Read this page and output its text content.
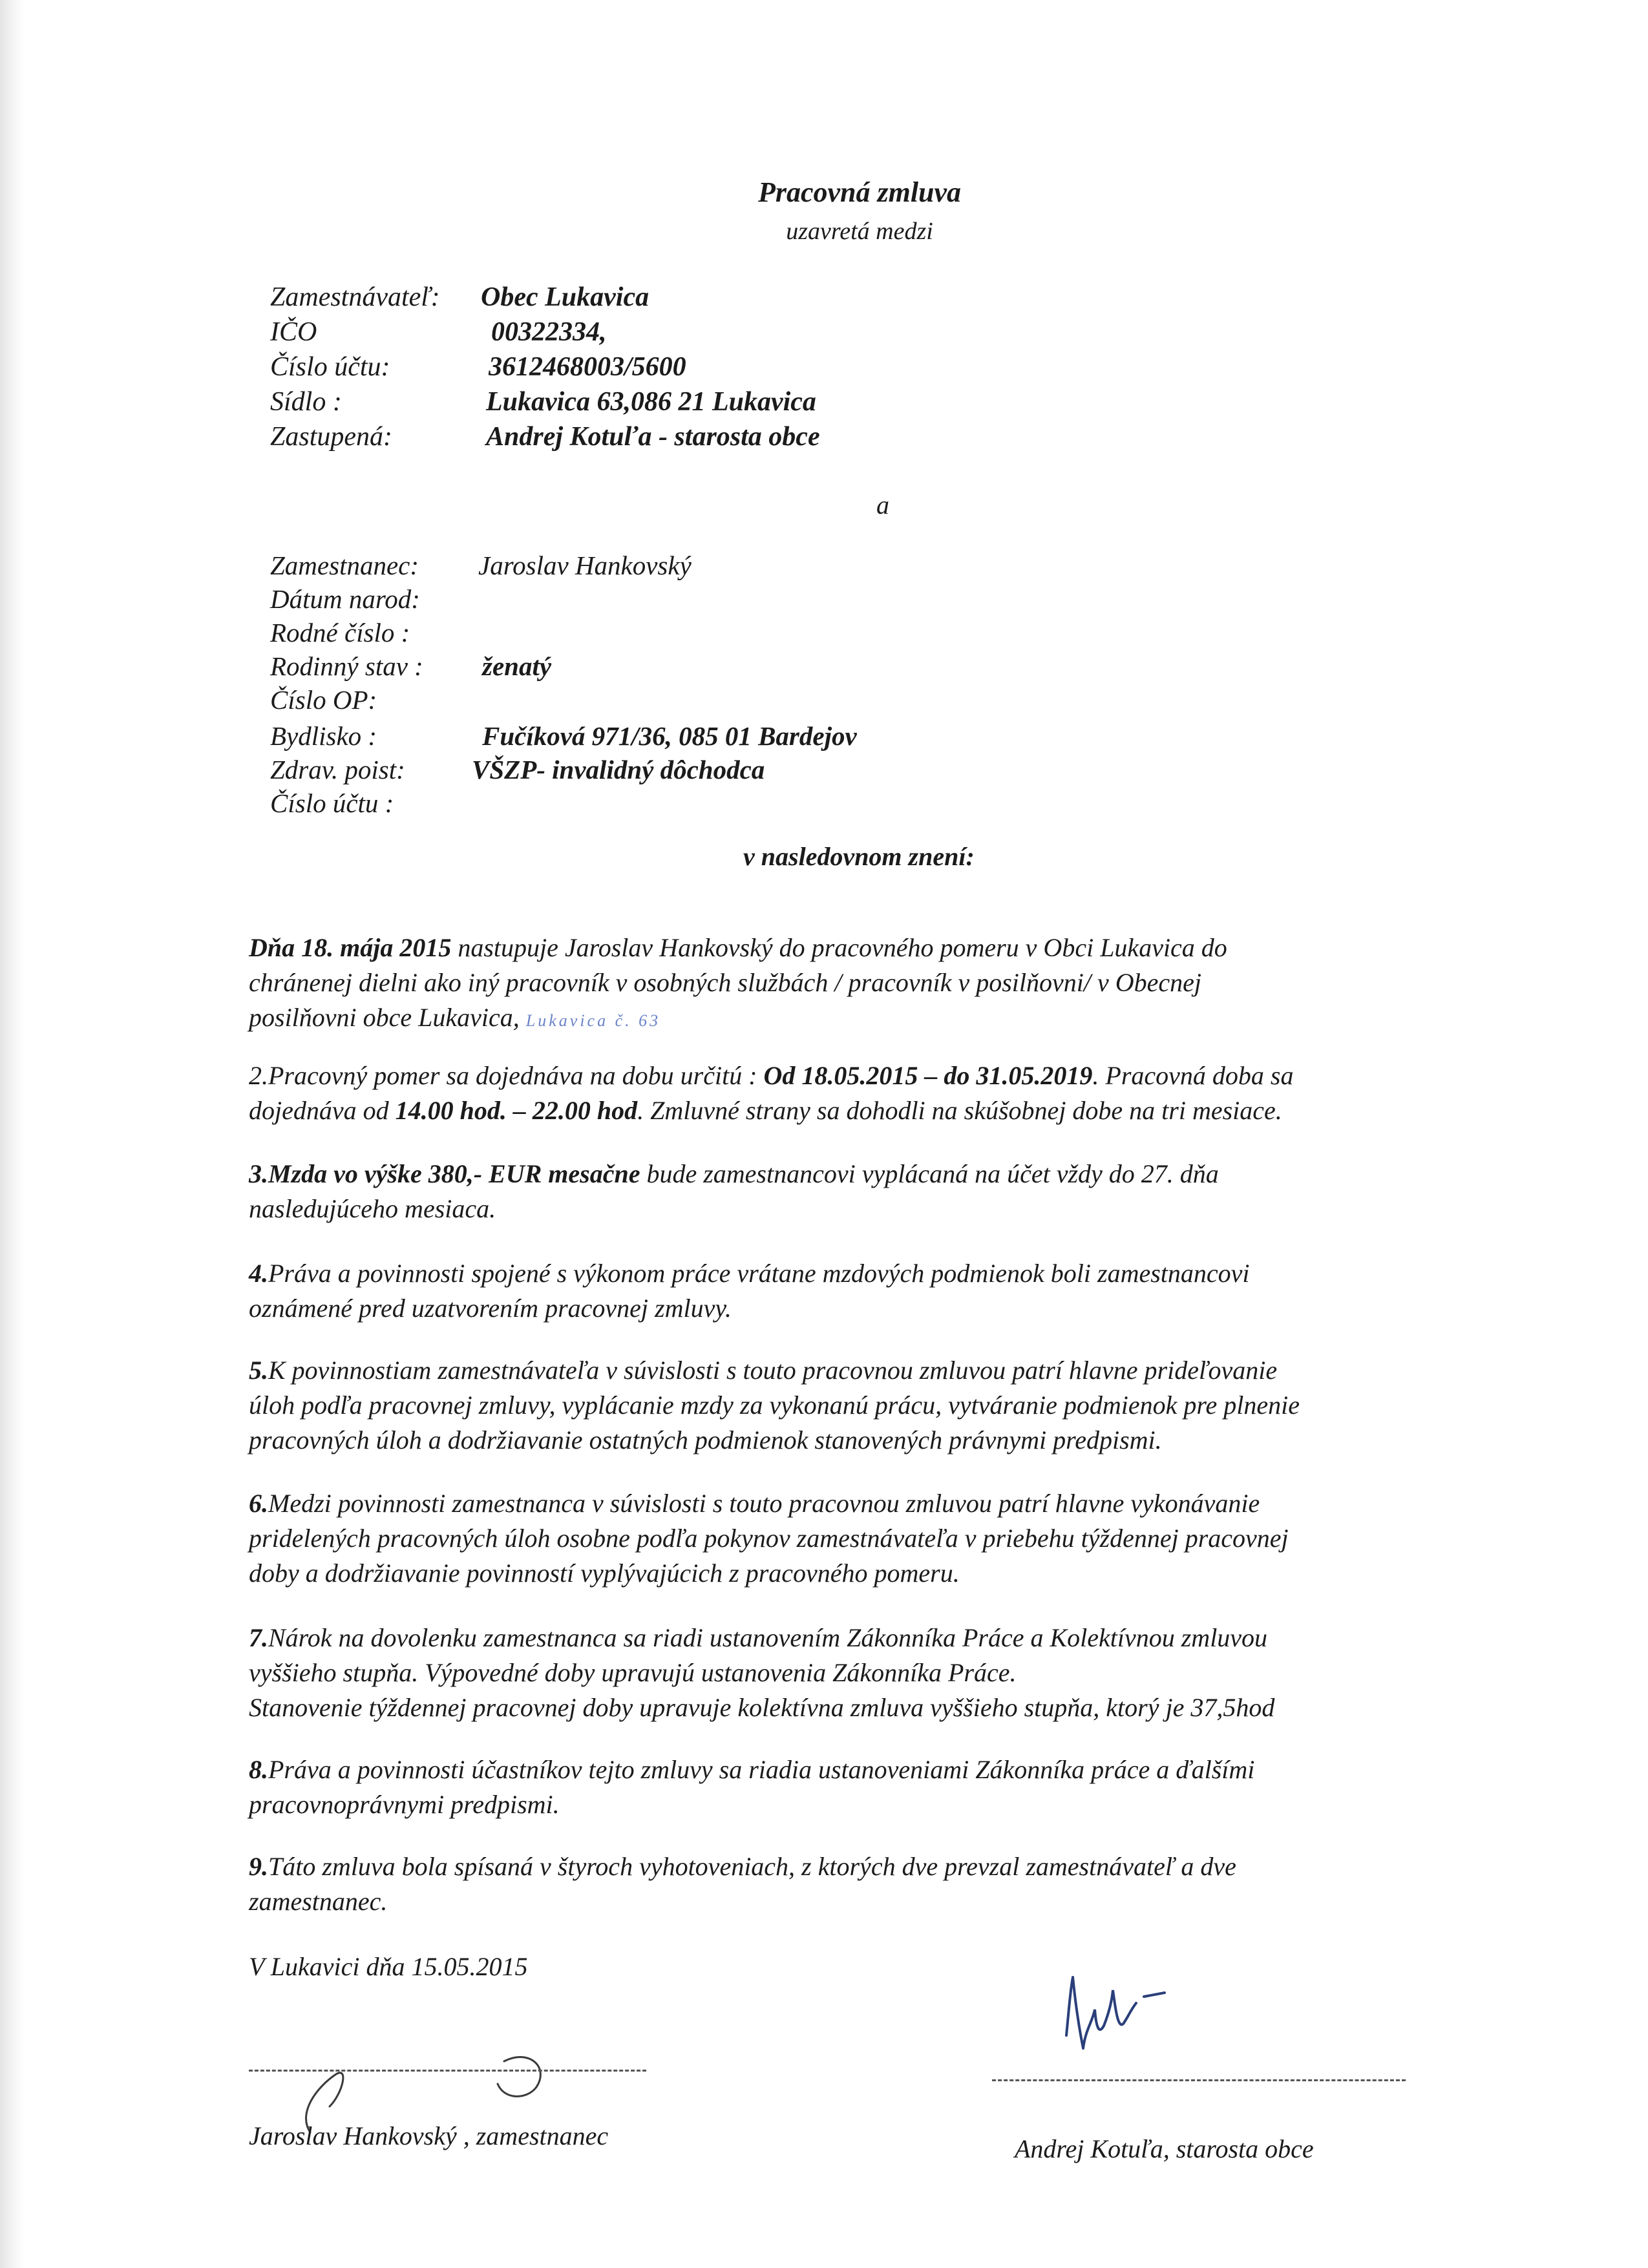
Pracovná zmluva
uzavretá medzi
Zamestnávateľ: Obec Lukavica
IČO	00322334,
Číslo účtu:	3612468003/5600
Sídlo :	Lukavica 63,086 21 Lukavica
Zastupená:	Andrej Kotuľa - starosta obce
a
Zamestnanec: Jaroslav Hankovský
Dátum narod:
Rodné číslo :
Rodinný stav : ženatý
Číslo OP:
Bydlisko :	Fučíková 971/36, 085 01 Bardejov
Zdrav. poist:	VŠZP- invalidný dôchodca
Číslo účtu :
v nasledovnom znení:
Dňa 18. mája 2015 nastupuje Jaroslav Hankovský do pracovného pomeru v Obci Lukavica do
chránenej dielni ako iný pracovník v osobných službách / pracovník v posilňovni/ v Obecnej
posilňovni obce Lukavica, Lukavica č. 63
2.Pracovný pomer sa dojednáva na dobu určitú : Od 18.05.2015 – do 31.05.2019. Pracovná doba sa
dojednáva od 14.00 hod. – 22.00 hod. Zmluvné strany sa dohodli na skúšobnej dobe na tri mesiace.
3.Mzda vo výške 380,- EUR mesačne bude zamestnancovi vyplácaná na účet vždy do 27. dňa
nasledujúceho mesiaca.
4.Práva a povinnosti spojené s výkonom práce vrátane mzdových podmienok boli zamestnancovi
oznámené pred uzatvorením pracovnej zmluvy.
5.K povinnostiam zamestnávateľa v súvislosti s touto pracovnou zmluvou patrí hlavne prideľovanie
úloh podľa pracovnej zmluvy, vyplácanie mzdy za vykonanú prácu, vytváranie podmienok pre plnenie
pracovných úloh a dodržiavanie ostatných podmienok stanovených právnymi predpismi.
6.Medzi povinnosti zamestnanca v súvislosti s touto pracovnou zmluvou patrí hlavne vykonávanie
pridelených pracovných úloh osobne podľa pokynov zamestnávateľa v priebehu týždennej pracovnej
doby a dodržiavanie povinností vyplývajúcich z pracovného pomeru.
7.Nárok na dovolenku zamestnanca sa riadi ustanovením Zákonníka Práce a Kolektívnou zmluvou
vyššieho stupňa. Výpovedné doby upravujú ustanovenia Zákonníka Práce.
Stanovenie týždennej pracovnej doby upravuje kolektívna zmluva vyššieho stupňa, ktorý je 37,5hod
8.Práva a povinnosti účastníkov tejto zmluvy sa riadia ustanoveniami Zákonníka práce a ďalšími
pracovnoprávnymi predpismi.
9.Táto zmluva bola spísaná v štyroch vyhotoveniach, z ktorých dve prevzal zamestnávateľ a dve
zamestnanec.
V Lukavici dňa 15.05.2015
Jaroslav Hankovský , zamestnanec	Andrej Kotuľa, starosta obce
